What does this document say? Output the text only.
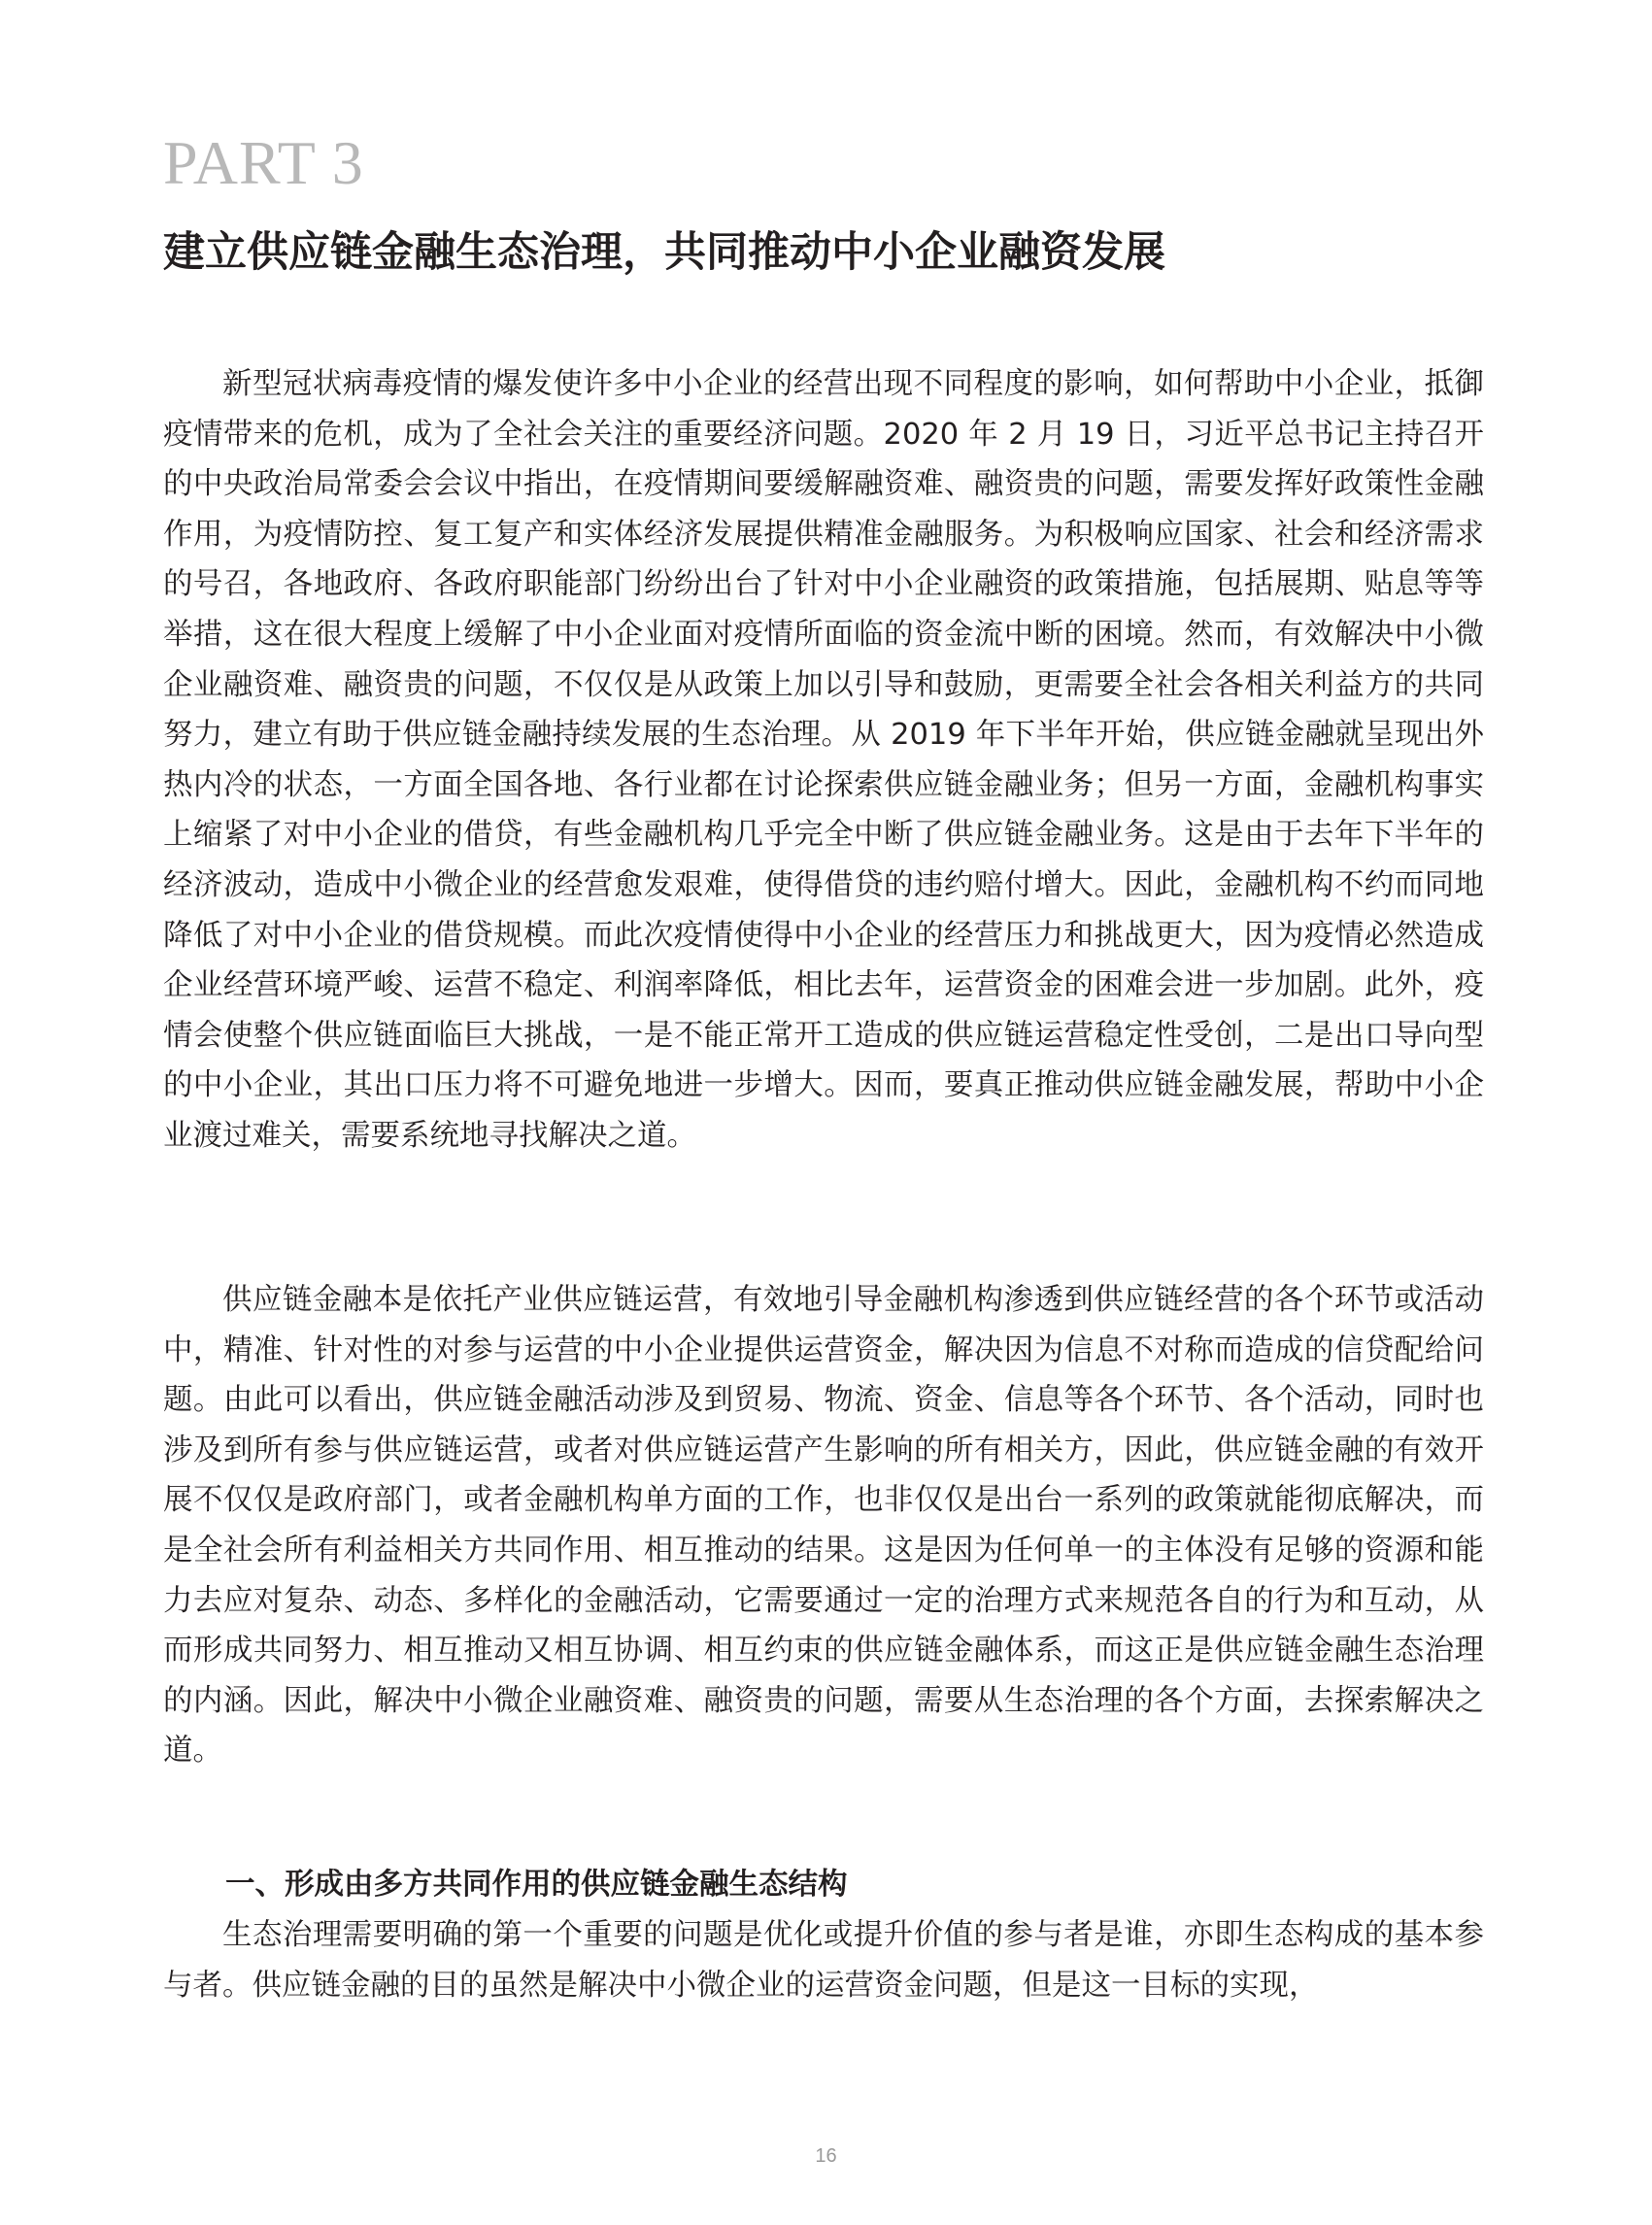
PART 3
建立供应链金融生态治理，共同推动中小企业融资发展

新型冠状病毒疫情的爆发使许多中小企业的经营出现不同程度的影响，如何帮助中小企业，抵御疫情带来的危机，成为了全社会关注的重要经济问题。2020 年 2 月 19 日，习近平总书记主持召开的中央政治局常委会会议中指出，在疫情期间要缓解融资难、融资贵的问题，需要发挥好政策性金融作用，为疫情防控、复工复产和实体经济发展提供精准金融服务。为积极响应国家、社会和经济需求的号召，各地政府、各政府职能部门纷纷出台了针对中小企业融资的政策措施，包括展期、贴息等等举措，这在很大程度上缓解了中小企业面对疫情所面临的资金流中断的困境。然而，有效解决中小微企业融资难、融资贵的问题，不仅仅是从政策上加以引导和鼓励，更需要全社会各相关利益方的共同努力，建立有助于供应链金融持续发展的生态治理。从 2019 年下半年开始，供应链金融就呈现出外热内冷的状态，一方面全国各地、各行业都在讨论探索供应链金融业务；但另一方面，金融机构事实上缩紧了对中小企业的借贷，有些金融机构几乎完全中断了供应链金融业务。这是由于去年下半年的经济波动，造成中小微企业的经营愈发艰难，使得借贷的违约赔付增大。因此，金融机构不约而同地降低了对中小企业的借贷规模。而此次疫情使得中小企业的经营压力和挑战更大，因为疫情必然造成企业经营环境严峻、运营不稳定、利润率降低，相比去年，运营资金的困难会进一步加剧。此外，疫情会使整个供应链面临巨大挑战，一是不能正常开工造成的供应链运营稳定性受创，二是出口导向型的中小企业，其出口压力将不可避免地进一步增大。因而，要真正推动供应链金融发展，帮助中小企业渡过难关，需要系统地寻找解决之道。

供应链金融本是依托产业供应链运营，有效地引导金融机构渗透到供应链经营的各个环节或活动中，精准、针对性的对参与运营的中小企业提供运营资金，解决因为信息不对称而造成的信贷配给问题。由此可以看出，供应链金融活动涉及到贸易、物流、资金、信息等各个环节、各个活动，同时也涉及到所有参与供应链运营，或者对供应链运营产生影响的所有相关方，因此，供应链金融的有效开展不仅仅是政府部门，或者金融机构单方面的工作，也非仅仅是出台一系列的政策就能彻底解决，而是全社会所有利益相关方共同作用、相互推动的结果。这是因为任何单一的主体没有足够的资源和能力去应对复杂、动态、多样化的金融活动，它需要通过一定的治理方式来规范各自的行为和互动，从而形成共同努力、相互推动又相互协调、相互约束的供应链金融体系，而这正是供应链金融生态治理的内涵。因此，解决中小微企业融资难、融资贵的问题，需要从生态治理的各个方面，去探索解决之道。

一、形成由多方共同作用的供应链金融生态结构

生态治理需要明确的第一个重要的问题是优化或提升价值的参与者是谁，亦即生态构成的基本参与者。供应链金融的目的虽然是解决中小微企业的运营资金问题，但是这一目标的实现，

16
